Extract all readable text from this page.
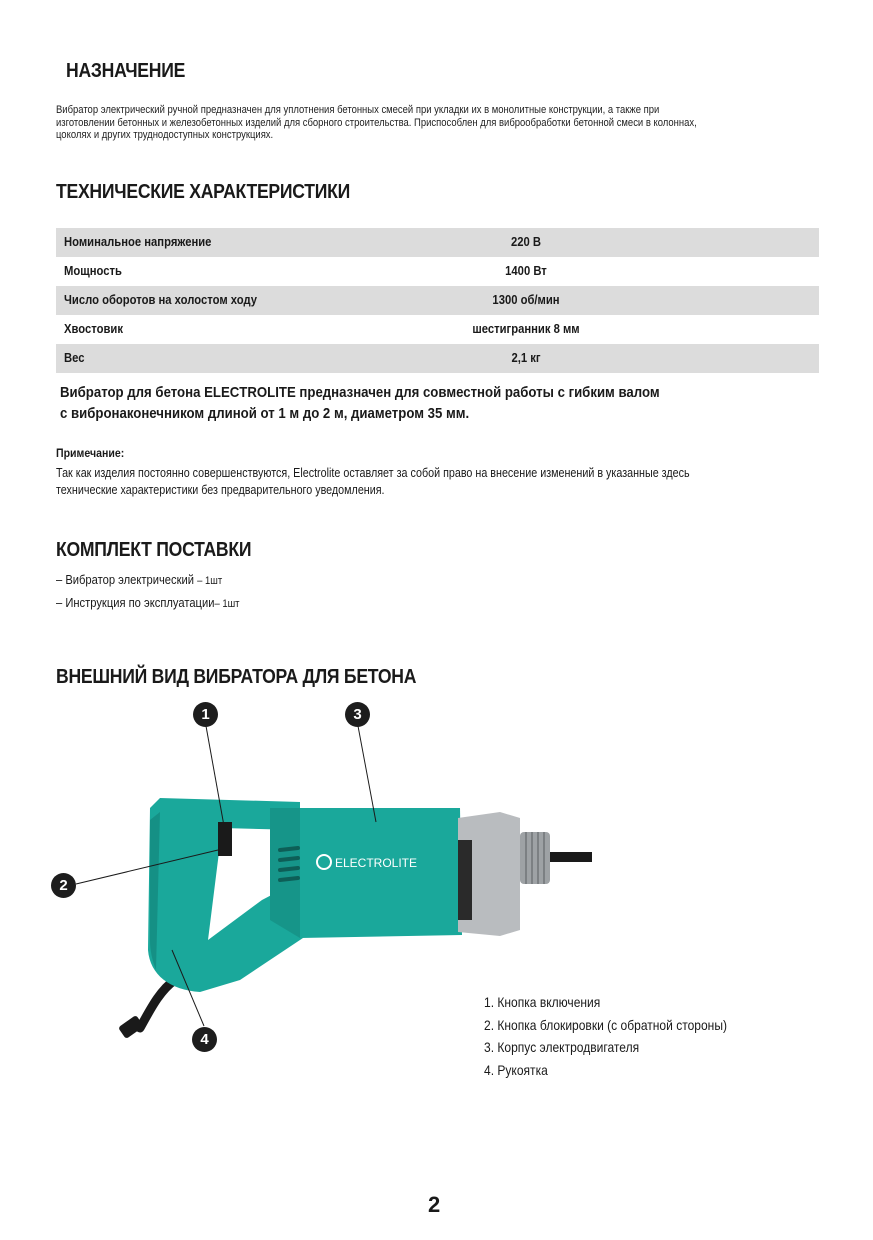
НАЗНАЧЕНИЕ
Вибратор электрический ручной предназначен для уплотнения бетонных смесей при укладки их в монолитные конструкции, а также при
изготовлении бетонных и железобетонных изделий для сборного строительства. Приспособлен для виброобработки бетонной смеси в колоннах,
цоколях и других труднодоступных конструкциях.
ТЕХНИЧЕСКИЕ ХАРАКТЕРИСТИКИ
Номинальное напряжение	220 В
Мощность	1400 Вт
Число оборотов на холостом ходу	1300 об/мин
Хвостовик	шестигранник 8 мм
Вес	2,1 кг
Вибратор для бетона ELECTROLITE предназначен для совместной работы с гибким валом
с вибронаконечником длиной от 1 м до 2 м, диаметром 35 мм.
Примечание:
Так как изделия постоянно совершенствуются, Electrolite оставляет за собой право на внесение изменений в указанные здесь
технические характеристики без предварительного уведомления.
КОМПЛЕКТ ПОСТАВКИ
– Вибратор электрический – 1шт
– Инструкция по эксплуатации– 1шт
ВНЕШНИЙ ВИД ВИБРАТОРА ДЛЯ БЕТОНА
ELECTROLITE
1	3
2
4
1. Кнопка включения
2. Кнопка блокировки (с обратной стороны)
3. Корпус электродвигателя
4. Рукоятка
2
